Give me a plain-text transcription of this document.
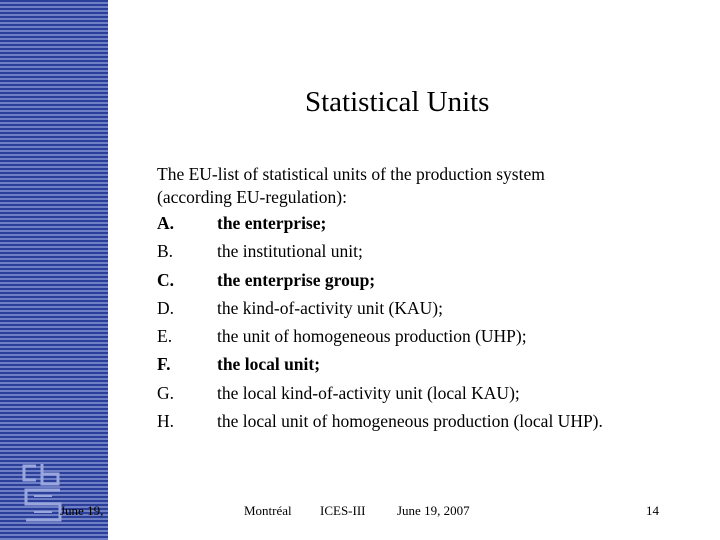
June 19,
Statistical Units

The EU-list of statistical units of the production system
(according EU-regulation):

A. the enterprise;
B.	the institutional unit;
C. the enterprise group;
D. the kind-of-activity unit (KAU);
E.	the unit of homogeneous production (UHP);
F.	the local unit;
G. the local kind-of-activity unit (local KAU);
H. the local unit of homogeneous production (local UHP).
Montréal ICES-III June 19, 2007	14
